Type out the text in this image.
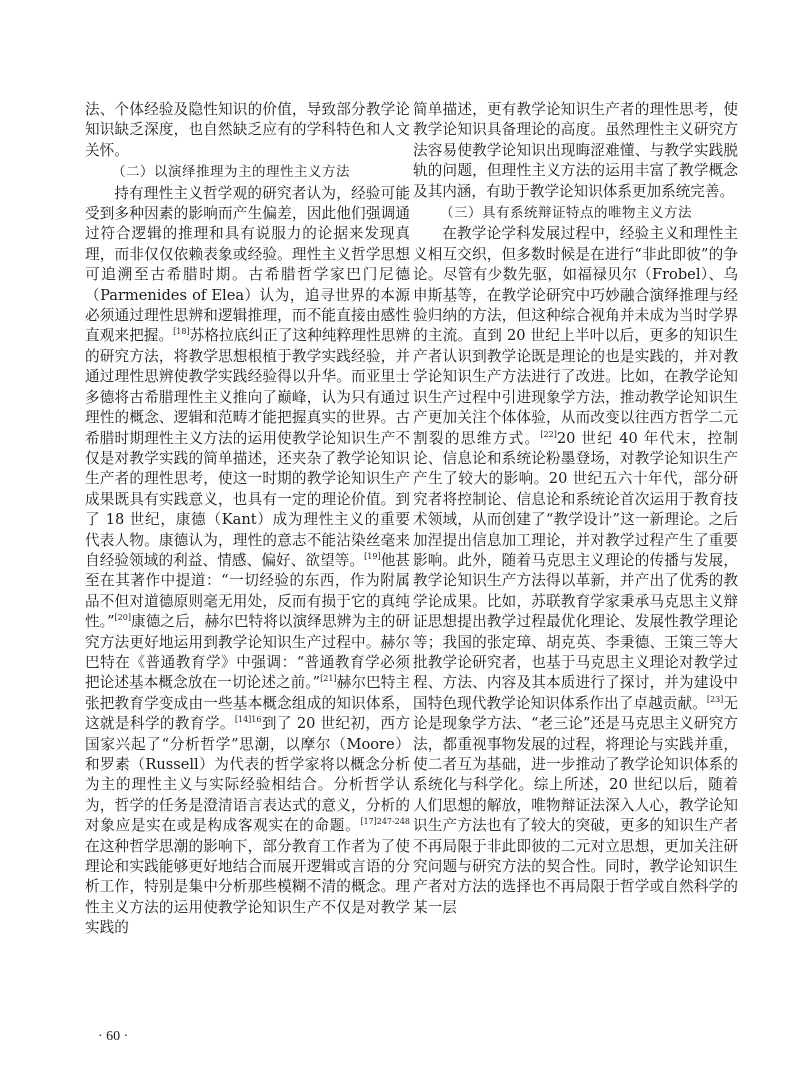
法、个体经验及隐性知识的价值，导致部分教学论知识缺乏深度，也自然缺乏应有的学科特色和人文关怀。

（二）以演绎推理为主的理性主义方法

持有理性主义哲学观的研究者认为，经验可能受到多种因素的影响而产生偏差，因此他们强调通过符合逻辑的推理和具有说服力的论据来发现真理，而非仅仅依赖表象或经验。理性主义哲学思想可追溯至古希腊时期。古希腊哲学家巴门尼德（Parmenides of Elea）认为，追寻世界的本源必须通过理性思辨和逻辑推理，而不能直接由感性直观来把握。[18]苏格拉底纠正了这种纯粹理性思辨的研究方法，将教学思想根植于教学实践经验，并通过理性思辨使教学实践经验得以升华。而亚里士多德将古希腊理性主义推向了巅峰，认为只有通过理性的概念、逻辑和范畴才能把握真实的世界。古希腊时期理性主义方法的运用使教学论知识生产不仅是对教学实践的简单描述，还夹杂了教学论知识生产者的理性思考，使这一时期的教学论知识生产成果既具有实践意义，也具有一定的理论价值。到了 18 世纪，康德（Kant）成为理性主义的重要代表人物。康德认为，理性的意志不能沾染丝毫来自经验领域的利益、情感、偏好、欲望等。[19]他甚至在其著作中提道：“一切经验的东西，作为附属品不但对道德原则毫无用处，反而有损于它的真纯性。”[20]康德之后，赫尔巴特将以演绎思辨为主的研究方法更好地运用到教学论知识生产过程中。赫尔巴特在《普通教育学》中强调：“普通教育学必须把论述基本概念放在一切论述之前。”[21]赫尔巴特主张把教育学变成由一些基本概念组成的知识体系，这就是科学的教育学。$^{[14]16}$到了 20 世纪初，西方国家兴起了“分析哲学”思潮，以摩尔（Moore）和罗素（Russell）为代表的哲学家将以概念分析为主的理性主义与实际经验相结合。分析哲学认为，哲学的任务是澄清语言表达式的意义，分析的对象应是实在或是构成客观实在的命题。$^{[17]247-248}$在这种哲学思潮的影响下，部分教育工作者为了使理论和实践能够更好地结合而展开逻辑或言语的分析工作，特别是集中分析那些模糊不清的概念。理性主义方法的运用使教学论知识生产不仅是对教学实践的

简单描述，更有教学论知识生产者的理性思考，使教学论知识具备理论的高度。虽然理性主义研究方法容易使教学论知识出现晦涩难懂、与教学实践脱轨的问题，但理性主义方法的运用丰富了教学概念及其内涵，有助于教学论知识体系更加系统完善。

（三）具有系统辩证特点的唯物主义方法

在教学论学科发展过程中，经验主义和理性主义相互交织，但多数时候是在进行“非此即彼”的争论。尽管有少数先驱，如福禄贝尔（Frobel）、乌申斯基等，在教学论研究中巧妙融合演绎推理与经验归纳的方法，但这种综合视角并未成为当时学界的主流。直到 20 世纪上半叶以后，更多的知识生产者认识到教学论既是理论的也是实践的，并对教学论知识生产方法进行了改进。比如，在教学论知识生产过程中引进现象学方法，推动教学论知识生产更加关注个体体验，从而改变以往西方哲学二元割裂的思维方式。[22]20 世纪 40 年代末，控制论、信息论和系统论粉墨登场，对教学论知识生产产生了较大的影响。20 世纪五六十年代，部分研究者将控制论、信息论和系统论首次运用于教育技术领域，从而创建了“教学设计”这一新理论。之后加涅提出信息加工理论，并对教学过程产生了重要影响。此外，随着马克思主义理论的传播与发展，教学论知识生产方法得以革新，并产出了优秀的教学论成果。比如，苏联教育学家秉承马克思主义辩证思想提出教学过程最优化理论、发展性教学理论等；我国的张定璋、胡克英、李秉德、王策三等大批教学论研究者，也基于马克思主义理论对教学过程、方法、内容及其本质进行了探讨，并为建设中国特色现代教学论知识体系作出了卓越贡献。[23]无论是现象学方法、“老三论”还是马克思主义研究方法，都重视事物发展的过程，将理论与实践并重，使二者互为基础，进一步推动了教学论知识体系的系统化与科学化。综上所述，20 世纪以后，随着人们思想的解放，唯物辩证法深入人心，教学论知识生产方法也有了较大的突破，更多的知识生产者不再局限于非此即彼的二元对立思想，更加关注研究问题与研究方法的契合性。同时，教学论知识生产者对方法的选择也不再局限于哲学或自然科学的某一层

· 60 ·
